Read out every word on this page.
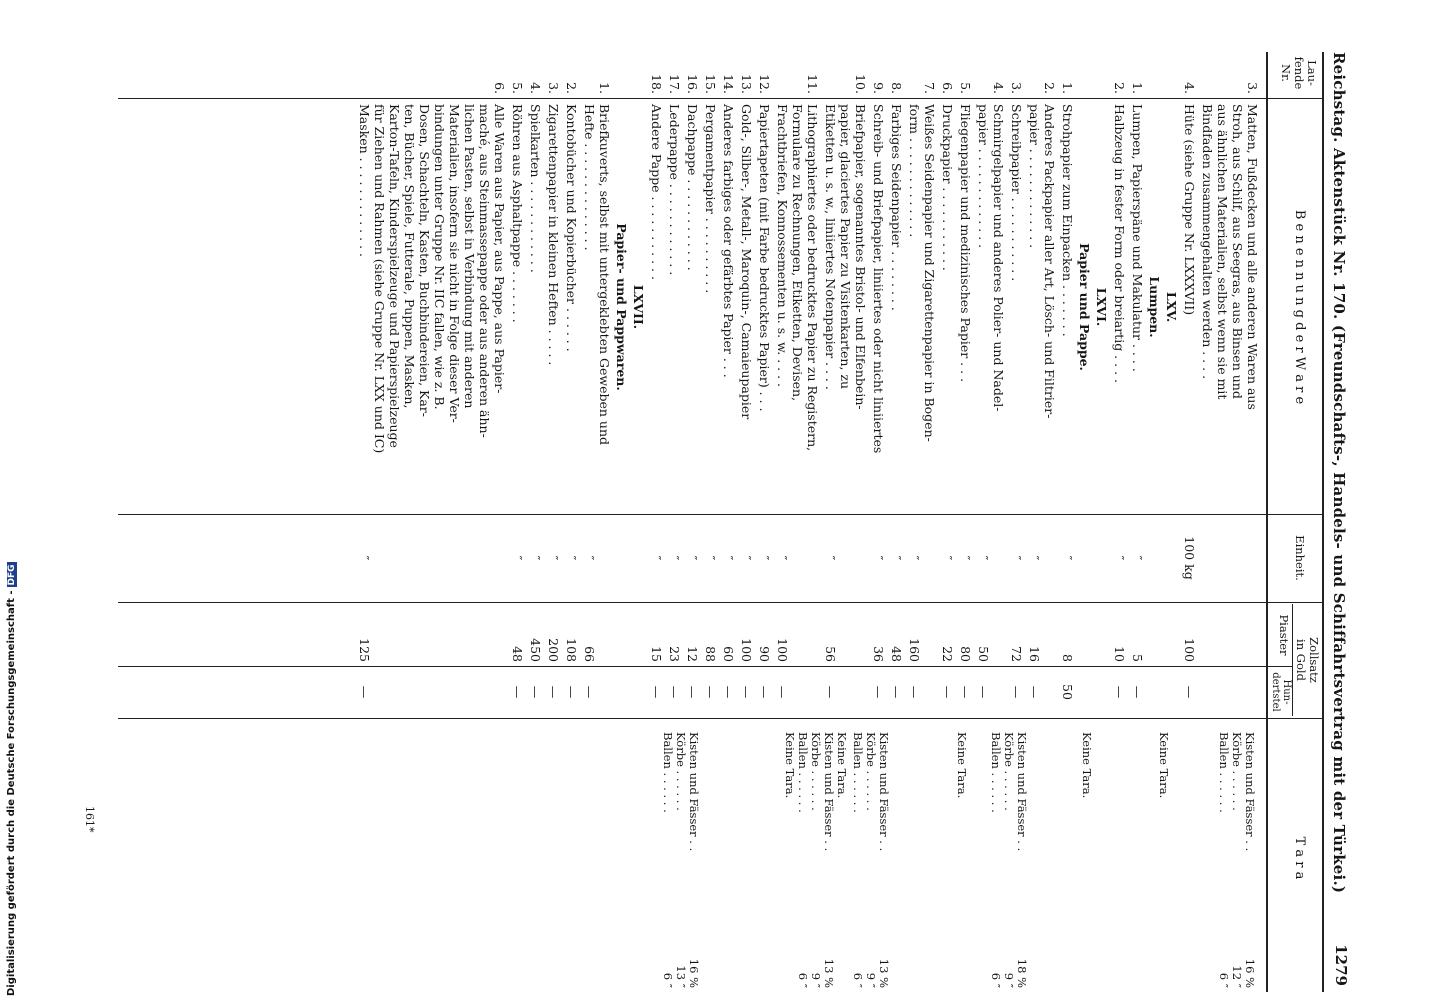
Reichstag. Aktenstück Nr. 170. (Freundschafts-, Handels- und Schiffahrtsvertrag mit der Türkei.)
1279
Lau-
fende
Nr.
B e n e n n u n g d e r W a r e
Einheit.
Zollsatz
in Gold
Piaster
Hun-
dertstel
T a r a
3.
Matten, Fußdecken und alle anderen Waren aus
Stroh, aus Schilf, aus Seegras, aus Binsen und
aus ähnlichen Materialien, selbst wenn sie mit
Bindfaden zusammengehalten werden . . . .
4.
Hüte (siehe Gruppe Nr. LXXXVII)
100 kg
100
—
LXV.
Lumpen.
1.
Lumpen, Papierspäne und Makulatur . . . .
″
5
—
2.
Halbzeug in fester Form oder breiartig . . . .
″
10
—
LXVI.
Papier und Pappe.
1.
Strohpapier zum Einpacken . . . . . . .
″
8
50
2.
Anderes Packpapier aller Art, Lösch- und Filtrier-
papier . . . . . . . . . . . . .
″
16
—
3.
Schreibpapier . . . . . . . . . . .
″
72
—
4.
Schmirgelpapier und anderes Polier- und Nadel-
papier . . . . . . . . . . . . .
″
50
—
5.
Fliegenpapier und medizinisches Papier . . .
″
80
—
6.
Druckpapier . . . . . . . . . . .
″
22
—
7.
Weißes Seidenpapier und Zigarettenpapier in Bogen-
form . . . . . . . . . . . . .
″
160
—
8.
Farbiges Seidenpapier . . . . . . . .
″
48
—
9.
Schreib- und Briefpapier, liniiertes oder nicht liniiertes
″
36
—
10.
Briefpapier, sogenanntes Bristol- und Elfenbein-
papier, glaciertes Papier zu Visitenkarten, zu
Etiketten u. s. w., liniiertes Notenpapier . . . .
″
56
—
11.
Lithographiertes oder bedrucktes Papier zu Registern,
Formulare zu Rechnungen, Etiketten, Devisen,
Frachtbriefen, Konnossementen u. s. w. . . . .
″
100
—
12.
Papiertapeten (mit Farbe bedrucktes Papier) . . .
″
90
—
13.
Gold-, Silber-, Metall-, Maroquin-, Camaieupapier
″
100
—
14.
Anderes farbiges oder gefärbtes Papier . . .
″
60
—
15.
Pergamentpapier . . . . . . . . . .
″
88
—
16.
Dachpappe . . . . . . . . . . . .
″
12
—
17.
Lederpappe . . . . . . . . . . . .
″
23
—
18.
Andere Pappe . . . . . . . . . . .
″
15
—
LXVII.
Papier- und Pappwaren.
1.
Briefkuverts, selbst mit untergeklebten Geweben und
Hefte . . . . . . . . . . . . . .
″
66
—
2.
Kontobücher und Kopierbücher . . . . . .
″
108
—
3.
Zigarettenpapier in kleinen Heften . . . . .
″
200
—
4.
Spielkarten . . . . . . . . . . . .
″
450
—
5.
Röhren aus Asphaltpappe . . . . . . .
″
48
—
6.
Alle Waren aus Papier, aus Pappe, aus Papier-
maché, aus Steinmassepappe oder aus anderen ähn-
lichen Pasten, selbst in Verbindung mit anderen
Materialien, insofern sie nicht in Folge dieser Ver-
bindungen unter Gruppe Nr. IIC fallen, wie z. B.
Dosen, Schachteln, Kasten, Buchbindereien, Kar-
ten, Bücher, Spiele, Futterale, Puppen, Masken,
Karton-Tafeln, Kinderspielzeuge und Papierspielzeuge
für Ziehen und Rahmen (siehe Gruppe Nr. LXX und IC)
Masken . . . . . . . . . . . . .
″
125
—
Kisten und Fässer . .
Körbe . . . . . .
Ballen . . . . . .
16 %
12 ″
6 ″
Keine Tara.
Keine Tara.
Kisten und Fässer . .
Körbe . . . . . .
Ballen . . . . . .
18 %
9 ″
6 ″
Keine Tara.
Kisten und Fässer . .
Körbe . . . . . .
Ballen . . . . . .
13 %
9 ″
6 ″
Keine Tara.
Kisten und Fässer . .
Körbe . . . . . .
Ballen . . . . . .
Keine Tara.

13 %
9 ″
6 ″

Kisten und Fässer . .
Körbe . . . . . .
Ballen . . . . . .
16 %
13 ″
6 ″
Digitalisierung gefördert durch die Deutsche Forschungsgemeinschaft -DFG
161*
